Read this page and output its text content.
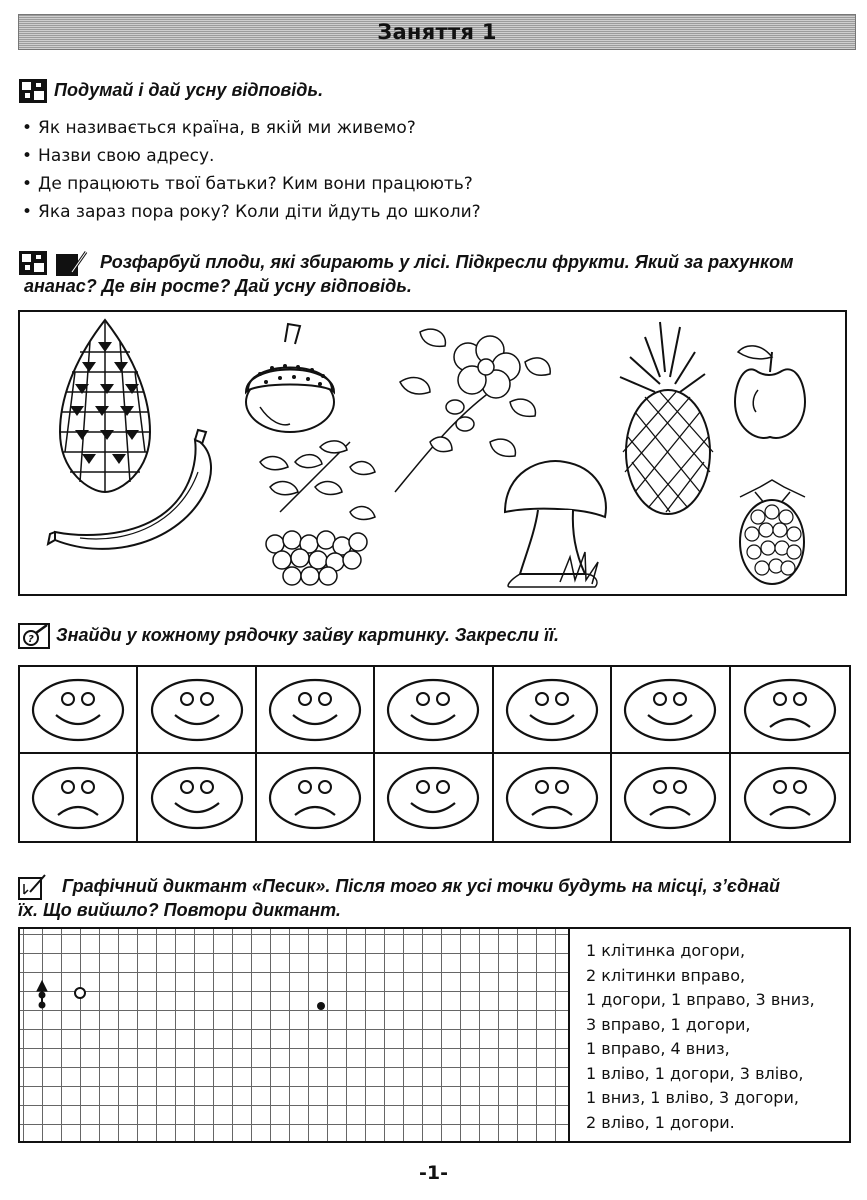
Заняття 1
Подумай і дай усну відповідь.
• Як називається країна, в якій ми живемо?
• Назви свою адресу.
• Де працюють твої батьки? Ким вони працюють?
• Яка зараз пора року? Коли діти йдуть до школи?
Розфарбуй плоди, які збирають у лісі. Підкресли фрукти. Який за рахунком
ананас? Де він росте? Дай усну відповідь.
? Знайди у кожному рядочку зайву картинку. Закресли її.
Графічний диктант «Песик». Після того як усі точки будуть на місці, з’єднай
їх. Що вийшло? Повтори диктант.
1 клітинка догори,
2 клітинки вправо,
1 догори, 1 вправо, 3 вниз,
3 вправо, 1 догори,
1 вправо, 4 вниз,
1 вліво, 1 догори, 3 вліво,
1 вниз, 1 вліво, 3 догори,
2 вліво, 1 догори.
-1-
